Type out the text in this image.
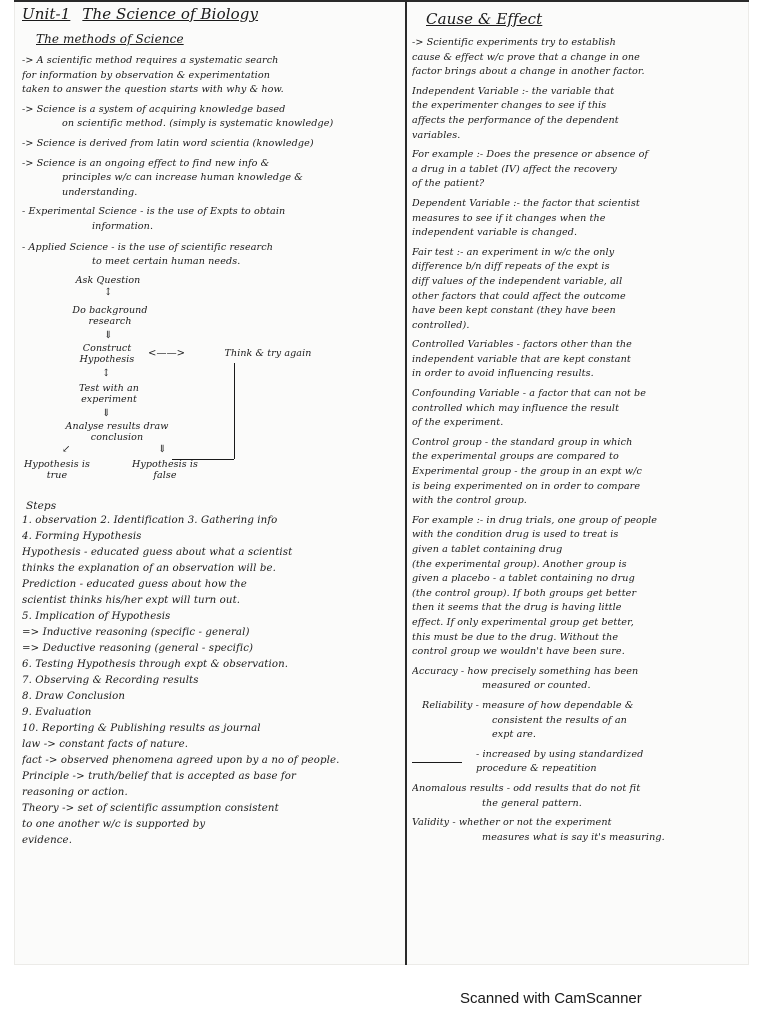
Unit-1 The Science of Biology
The methods of Science
-> A scientific method requires a systematic search
for information by observation & experimentation
taken to answer the question starts with why & how.
-> Science is a system of acquiring knowledge based
on scientific method. (simply is systematic knowledge)
-> Science is derived from latin word scientia (knowledge)
-> Science is an ongoing effect to find new info &
principles w/c can increase human knowledge &
understanding.
- Experimental Science - is the use of Expts to obtain
information.
- Applied Science - is the use of scientific research
to meet certain human needs.
Ask Question
↕
Do background research
⇓
Construct Hypothesis
<——>	Think & try again
↕
Test with an experiment
⇓
Analyse results draw conclusion
↙	⇓
Hypothesis is true
Hypothesis is false
Steps
1. observation 2. Identification 3. Gathering info
4. Forming Hypothesis
Hypothesis - educated guess about what a scientist
thinks the explanation of an observation will be.
Prediction - educated guess about how the
scientist thinks his/her expt will turn out.
5. Implication of Hypothesis
=> Inductive reasoning (specific - general)
=> Deductive reasoning (general - specific)
6. Testing Hypothesis through expt & observation.
7. Observing & Recording results
8. Draw Conclusion
9. Evaluation
10. Reporting & Publishing results as journal
law -> constant facts of nature.
fact -> observed phenomena agreed upon by a no of people.
Principle -> truth/belief that is accepted as base for
reasoning or action.
Theory -> set of scientific assumption consistent
to one another w/c is supported by
evidence.
Cause & Effect
-> Scientific experiments try to establish
cause & effect w/c prove that a change in one
factor brings about a change in another factor.
Independent Variable :- the variable that
the experimenter changes to see if this
affects the performance of the dependent
variables.
For example :- Does the presence or absence of
a drug in a tablet (IV) affect the recovery
of the patient?
Dependent Variable :- the factor that scientist
measures to see if it changes when the
independent variable is changed.
Fair test :- an experiment in w/c the only
difference b/n diff repeats of the expt is
diff values of the independent variable, all
other factors that could affect the outcome
have been kept constant (they have been
controlled).
Controlled Variables - factors other than the
independent variable that are kept constant
in order to avoid influencing results.
Confounding Variable - a factor that can not be
controlled which may influence the result
of the experiment.
Control group - the standard group in which
the experimental groups are compared to
Experimental group - the group in an expt w/c
is being experimented on in order to compare
with the control group.
For example :- in drug trials, one group of people
with the condition drug is used to treat is
given a tablet containing drug
(the experimental group). Another group is
given a placebo - a tablet containing no drug
(the control group). If both groups get better
then it seems that the drug is having little
effect. If only experimental group get better,
this must be due to the drug. Without the
control group we wouldn't have been sure.
Accuracy - how precisely something has been
measured or counted.
Reliability - measure of how dependable &
consistent the results of an
expt are.
- increased by using standardized
procedure & repeatition
Anomalous results - odd results that do not fit
the general pattern.
Validity - whether or not the experiment
measures what is say it's measuring.
Scanned with CamScanner
